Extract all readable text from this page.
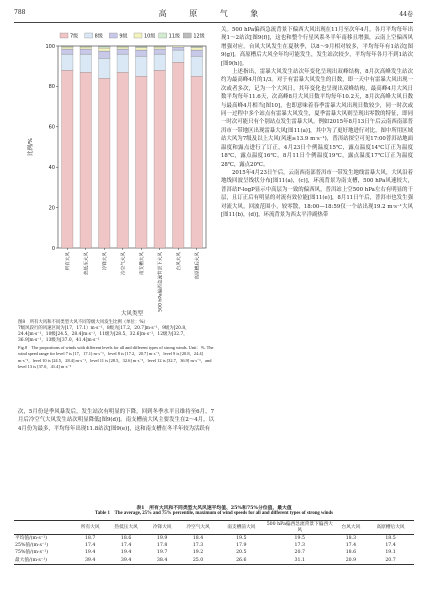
788	高 原 气 象	44卷
7级	8级	9级	10级	11级	12级
0
20
40
60
80
100
比例/%
所有大风	热低压大风	冷锋大风	冷空气大风	南支槽大风	500 hPa偏西急流背景下大风	台风大风	高原槽后大风
大风类型
图8　所有大风和不同类型大风不同等级大风发生比例（单位：%）
7级风段行的风速区间为[17，17.1）m·s⁻¹，8级为[17.2，20.7]m·s⁻¹，9级为[20.8，24.4]m·s⁻¹，10级[24.5，28.4]m·s⁻¹，11级为[28.5，32.6]m·s⁻¹，12级为[32.7，36.9]m·s⁻¹，13级为[37.0，41.4]m·s⁻¹
Fig.8　The proportions of winds with different levels for all and different types of strong winds. Unit：%. The wind speed range for level 7 is [17，17.1) m·s⁻¹，level 8 is [17.2，20.7] m·s⁻¹，level 9 is [20.8，24.4] m·s⁻¹，level 10 is [24.5，28.4] m·s⁻¹，level 11 is [28.5，32.6] m·s⁻¹，level 12 is [32.7，36.9] m·s⁻¹，and level 13 is [37.0，41.4] m·s⁻¹

次，5月份是季风暴发后，发生站次有明显的下降，回到冬季水平且维持至6月，7月后冷空气大风发生站次明显降低[图9(d)]。南支槽前大风主要发生在2～4月，以4月份为最多，平均每年出现11.8站次[图9(e)]，这和南支槽在冬半年较为活跃有

关。500 hPa偏西急流背景下偏西大风出现在11月至次年4月，各月平均每年出现1～2站次[图9(f)]，这也和整个行星风系冬半年南移且增强，云南上空偏西风增强对应。台风大风发生在夏秋季，以8～9月相对较多，平均每年有1站次[图9(g)]。高原槽后大风全年均可能发生，发生站次较少，平均每年各月不到1站次[图9(h)]。

上述指出，雷暴大风发生站次年变化呈现出双峰结构，8月次高峰发生站次约为最高峰4月的1/3。对于有雷暴大风发生的日数，即一天中有雷暴大风出现一次或者多次，记为一个大风日，其年变化也呈现出双峰结构，最高峰4月大风日数平均每年11.6天，次高峰8月大风日数平均每年10.2天，8月次高峰大风日数与最高峰4月相当[图10]，也即意味着春季雷暴大风出现日数较少，同一时次或同一过程中多个站点有雷暴大风发生，夏季雷暴大风则呈现出零散的特征，即同一时次可能只有个别站点发生雷暴大风。例如2015年8月13日午后云南西南部普洱市一带地区出现雷暴大风[图11(a)]，其中为了更好地进行对比，图中所用区域站大风为7级及以上大风(风速≥13.9 m·s⁻¹)，普洱站探空可见17:00普洱站地面温度和露点进行了订正，4月23日个例温度15℃，露点温度14℃订正为温度18℃，露点温度16℃，8月11日个例温度19℃，露点温度17℃订正为温度28℃，露点20℃。

2015年4月23日午后，云南西南部普洱市一带发生地线雷暴大风，大风沿着地线回波呈线状分布[图11(a)，(c)]，环流背景为南支槽，500 hPa风速较大，普洱站F-logP显示中高层为一致的偏西风，普洱站上空500 hPa左右有明显的干层，且订正后有明显的对流有效位能[图11(e)]，8月11日午后，普洱市也发生强对流大风，回波范围小，较零散，18:00—18:59仅一个站出现19.2 m·s⁻¹大风[图11(b)，(d)]，环流背景为西太平洋副热带

表1　所有大风和不同类型大风风速平均值、25%和75%分位值、最大值
Table 1　The average, 25% and 75% percentile, maximum of wind speeds for all and different types of strong winds
	所有大风	热低压大风	冷锋大风	冷空气大风	南支槽前大风	500 hPa偏西急流背景下偏西大风	台风大风	高原槽后大风
平均值/(m·s⁻¹)	18.7	18.6	19.9	18.4	19.5	19.5	18.3	18.5
25%值/(m·s⁻¹)	17.4	17.4	17.8	17.3	17.9	17.3	17.4	17.4
75%值/(m·s⁻¹)	19.4	19.4	19.7	19.2	20.5	20.7	18.6	19.1
最大值/(m·s⁻¹)	39.4	39.4	38.4	25.0	26.6	31.1	20.9	20.7
